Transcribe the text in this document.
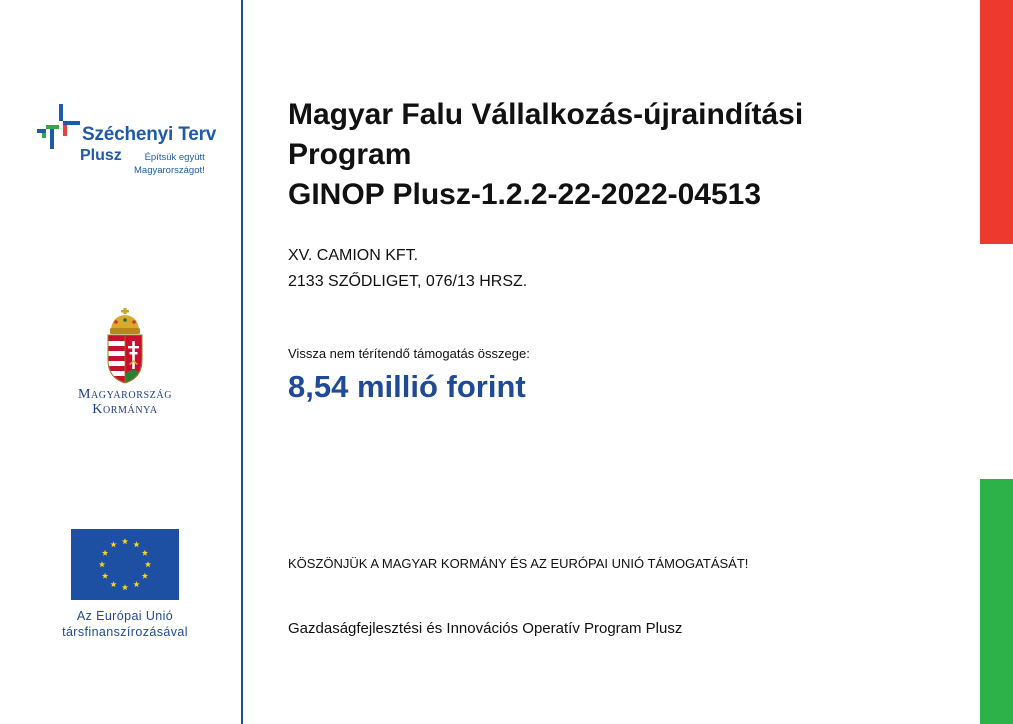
Széchenyi Terv
Plusz	Építsük együtt
Magyarországot!
Magyarország
Kormánya
Az Európai Unió
társfinanszírozásával
Magyar Falu Vállalkozás-újraindítási
Program
GINOP Plusz-1.2.2-22-2022-04513
XV. CAMION KFT.
2133 SZŐDLIGET, 076/13 HRSZ.
Vissza nem térítendő támogatás összege:
8,54 millió forint
KÖSZÖNJÜK A MAGYAR KORMÁNY ÉS AZ EURÓPAI UNIÓ TÁMOGATÁSÁT!
Gazdaságfejlesztési és Innovációs Operatív Program Plusz
